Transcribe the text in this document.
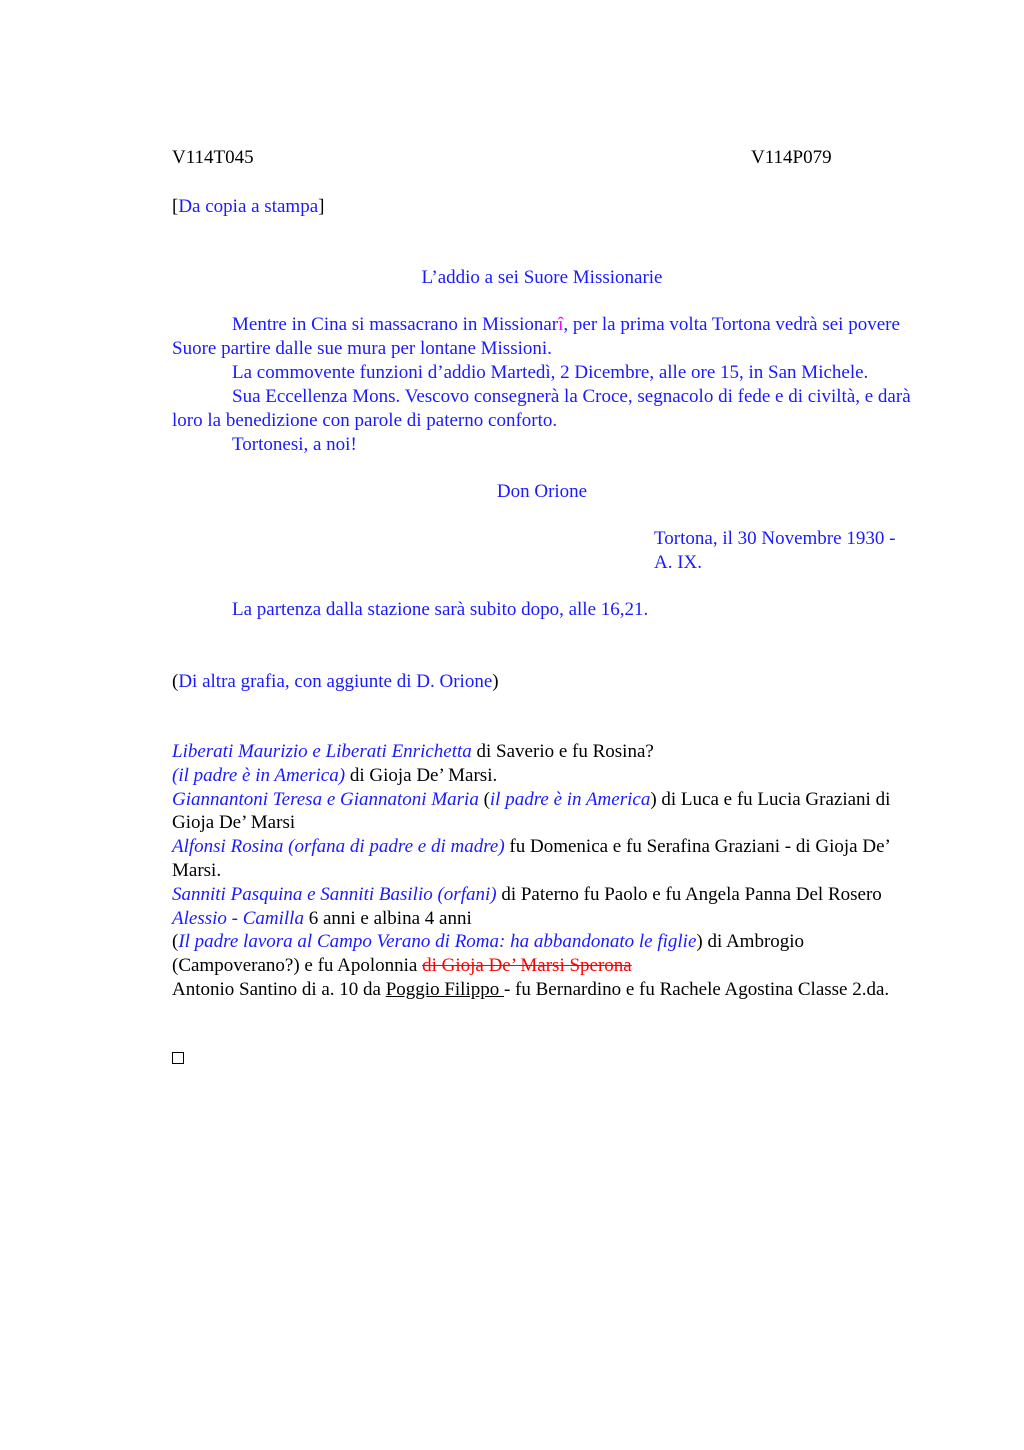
V114T045	V114P079
[Da copia a stampa]
L’addio a sei Suore Missionarie
Mentre in Cina si massacrano in Missionarî, per la prima volta Tortona vedrà sei povere Suore partire dalle sue mura per lontane Missioni.
La commovente funzioni d’addio Martedì, 2 Dicembre, alle ore 15, in San Michele.
Sua Eccellenza Mons. Vescovo consegnerà la Croce, segnacolo di fede e di civiltà, e darà loro la benedizione con parole di paterno conforto.
Tortonesi, a noi!
Don Orione
Tortona, il 30 Novembre 1930 -
A. IX.
La partenza dalla stazione sarà subito dopo, alle 16,21.
(Di altra grafia, con aggiunte di D. Orione)
Liberati Maurizio e Liberati Enrichetta di Saverio e fu Rosina?
(il padre è in America) di Gioja De’ Marsi.
Giannantoni Teresa e Giannatoni Maria (il padre è in America) di Luca e fu Lucia Graziani di Gioja De’ Marsi
Alfonsi Rosina (orfana di padre e di madre) fu Domenica e fu Serafina Graziani - di Gioja De’ Marsi.
Sanniti Pasquina e Sanniti Basilio (orfani) di Paterno fu Paolo e fu Angela Panna Del Rosero
Alessio - Camilla 6 anni e albina 4 anni
(Il padre lavora al Campo Verano di Roma: ha abbandonato le figlie) di Ambrogio (Campoverano?) e fu Apolonnia di Gioja De’ Marsi Sperona
Antonio Santino di a. 10 da Poggio Filippo - fu Bernardino e fu Rachele Agostina Classe 2.da.
